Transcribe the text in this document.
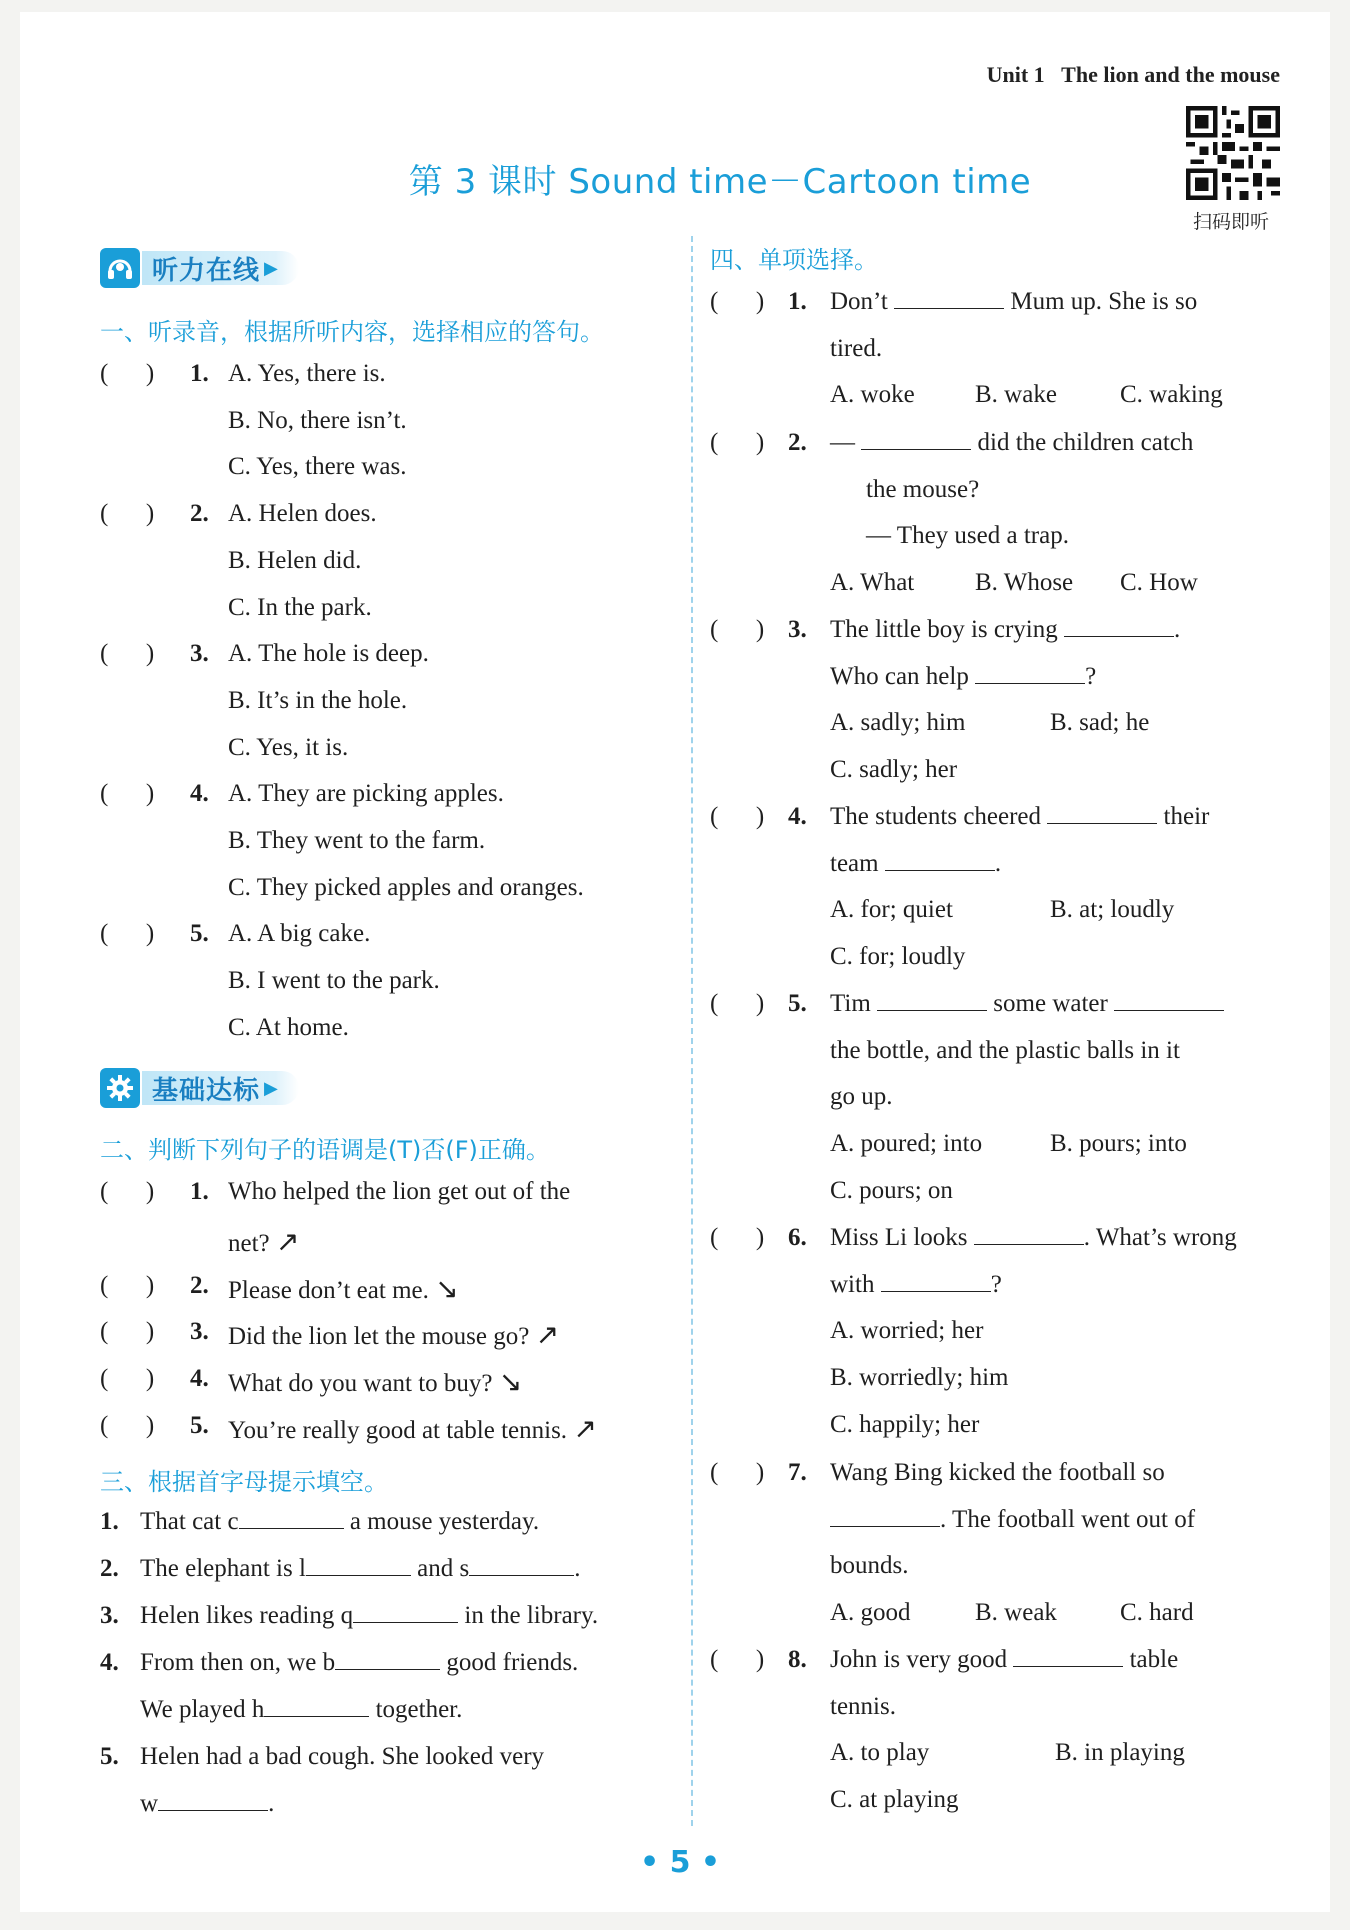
Unit 1 The lion and the mouse
扫码即听
第 3 课时 Sound time－Cartoon time
听力在线 ▶
一、听录音，根据所听内容，选择相应的答句。
(      ) 1. A. Yes, there is.
B. No, there isn’t.
C. Yes, there was.
(      ) 2. A. Helen does.
B. Helen did.
C. In the park.
(      ) 3. A. The hole is deep.
B. It’s in the hole.
C. Yes, it is.
(      ) 4. A. They are picking apples.
B. They went to the farm.
C. They picked apples and oranges.
(      ) 5. A. A big cake.
B. I went to the park.
C. At home.
基础达标 ▶
二、判断下列句子的语调是(T)否(F)正确。
(      ) 1. Who helped the lion get out of the
net? ↗
(      ) 2. Please don’t eat me. ↘
(      ) 3. Did the lion let the mouse go? ↗
(      ) 4. What do you want to buy? ↘
(      ) 5. You’re really good at table tennis. ↗
三、根据首字母提示填空。
1. That cat c	a mouse yesterday.
2. The elephant is l	and s	.
3. Helen likes reading q	in the library.
4. From then on, we b	good friends.
We played h	together.
5. Helen had a bad cough. She looked very
w	.
四、单项选择。
(      ) 1. Don’t	Mum up. She is so
tired.
A. woke B. wake	C. waking
(      ) 2. —	did the children catch
the mouse?
— They used a trap.
A. What B. Whose C. How
(      ) 3. The little boy is crying	.
Who can help	?
A. sadly; him	B. sad; he
C. sadly; her
(      ) 4. The students cheered	their
team	.
A. for; quiet	B. at; loudly
C. for; loudly
(      ) 5. Tim	some water
the bottle, and the plastic balls in it
go up.
A. poured; into	B. pours; into
C. pours; on
(      ) 6. Miss Li looks	. What’s wrong
with	?
A. worried; her
B. worriedly; him
C. happily; her
(      ) 7. Wang Bing kicked the football so
. The football went out of
bounds.
A. good	B. weak	C. hard
(      ) 8. John is very good	table
tennis.
A. to play	B. in playing
C. at playing
• 5 •
